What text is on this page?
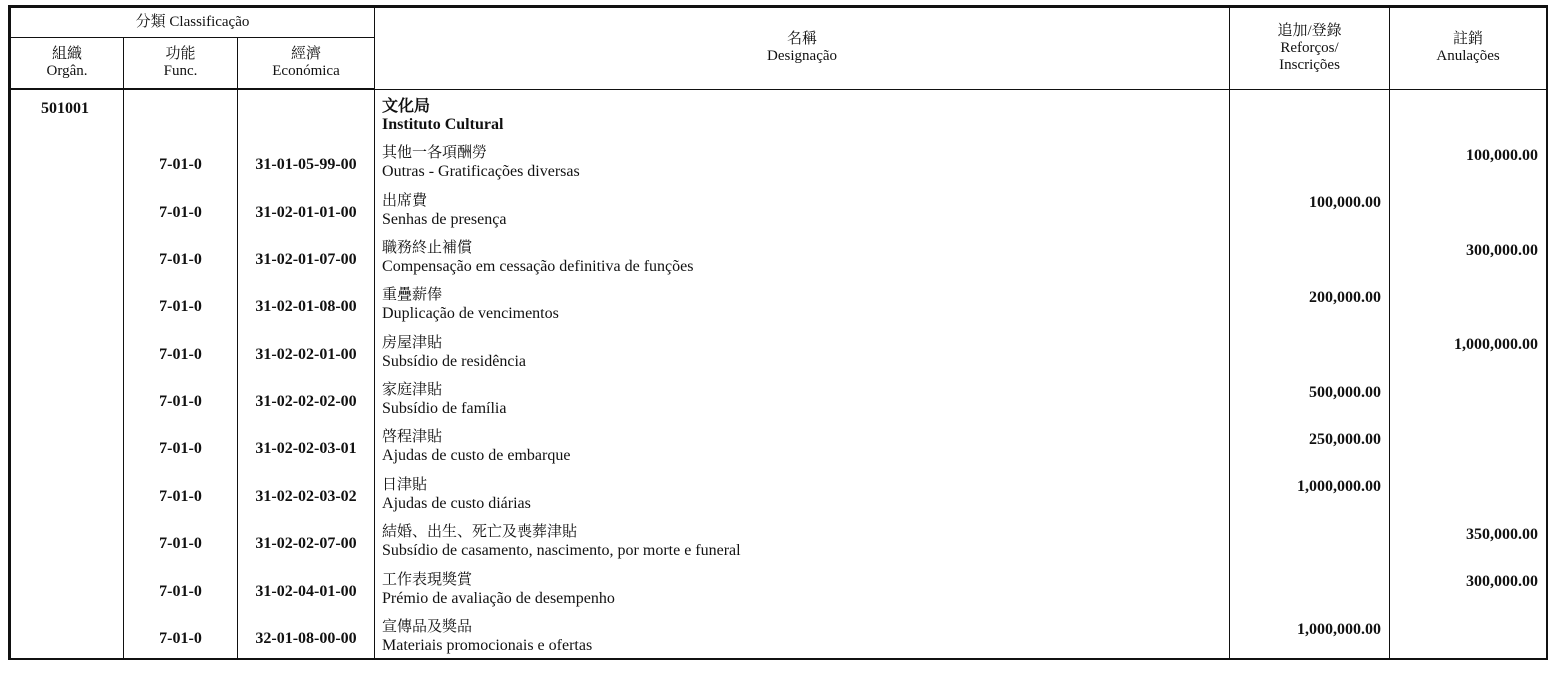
分類 Classificação			名稱
Designação	追加/登錄
Reforços/
Inscrições	註銷
Anulações
組織
Orgân.	功能
Func.	經濟
Económica			
501001			文化局
Instituto Cultural		

	7-01-0	31-01-05-99-00	其他一各項酬勞
Outras - Gratificações diversas		100,000.00
	7-01-0	31-02-01-01-00	出席費
Senhas de presença	100,000.00	
	7-01-0	31-02-01-07-00	職務終止補償
Compensação em cessação definitiva de funções		300,000.00
	7-01-0	31-02-01-08-00	重疊薪俸
Duplicação de vencimentos	200,000.00	
	7-01-0	31-02-02-01-00	房屋津貼
Subsídio de residência		1,000,000.00
	7-01-0	31-02-02-02-00	家庭津貼
Subsídio de família	500,000.00	
	7-01-0	31-02-02-03-01	啓程津貼
Ajudas de custo de embarque	250,000.00	
	7-01-0	31-02-02-03-02	日津貼
Ajudas de custo diárias	1,000,000.00	
	7-01-0	31-02-02-07-00	結婚、出生、死亡及喪葬津貼
Subsídio de casamento, nascimento, por morte e funeral		350,000.00
	7-01-0	31-02-04-01-00	工作表現獎賞
Prémio de avaliação de desempenho		300,000.00
	7-01-0	32-01-08-00-00	宣傳品及獎品
Materiais promocionais e ofertas	1,000,000.00	
